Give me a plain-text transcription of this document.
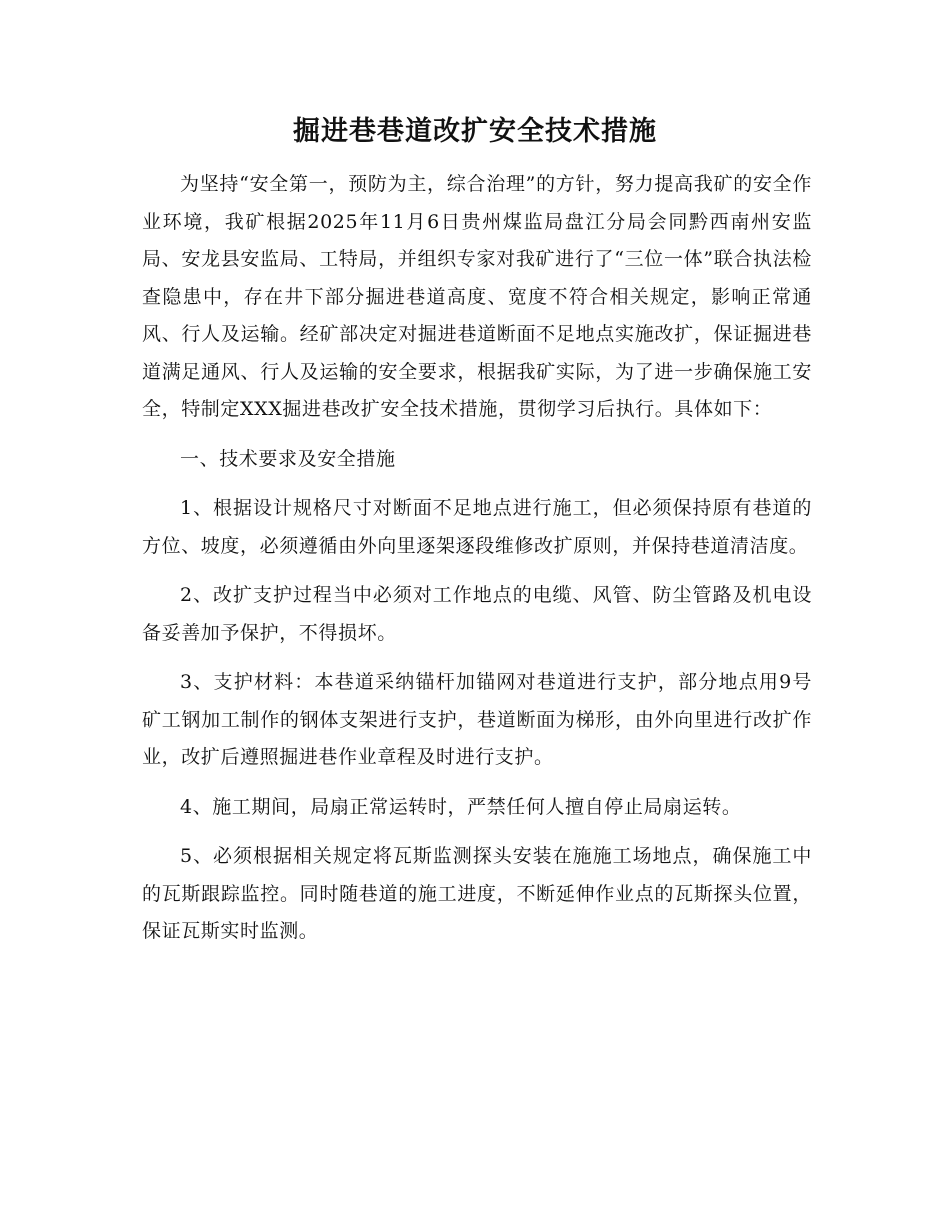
掘进巷巷道改扩安全技术措施

为坚持“安全第一，预防为主，综合治理”的方针，努力提高我矿的安全作业环境，我矿根据2025年11月6日贵州煤监局盘江分局会同黔西南州安监局、安龙县安监局、工特局，并组织专家对我矿进行了“三位一体”联合执法检查隐患中，存在井下部分掘进巷道高度、宽度不符合相关规定，影响正常通风、行人及运输。经矿部决定对掘进巷道断面不足地点实施改扩，保证掘进巷道满足通风、行人及运输的安全要求，根据我矿实际，为了进一步确保施工安全，特制定XXX掘进巷改扩安全技术措施，贯彻学习后执行。具体如下：

一、技术要求及安全措施

1、根据设计规格尺寸对断面不足地点进行施工，但必须保持原有巷道的方位、坡度，必须遵循由外向里逐架逐段维修改扩原则，并保持巷道清洁度。

2、改扩支护过程当中必须对工作地点的电缆、风管、防尘管路及机电设备妥善加予保护，不得损坏。

3、支护材料：本巷道采纳锚杆加锚网对巷道进行支护，部分地点用9号矿工钢加工制作的钢体支架进行支护，巷道断面为梯形，由外向里进行改扩作业，改扩后遵照掘进巷作业章程及时进行支护。

4、施工期间，局扇正常运转时，严禁任何人擅自停止局扇运转。

5、必须根据相关规定将瓦斯监测探头安装在施施工场地点，确保施工中的瓦斯跟踪监控。同时随巷道的施工进度，不断延伸作业点的瓦斯探头位置，保证瓦斯实时监测。
